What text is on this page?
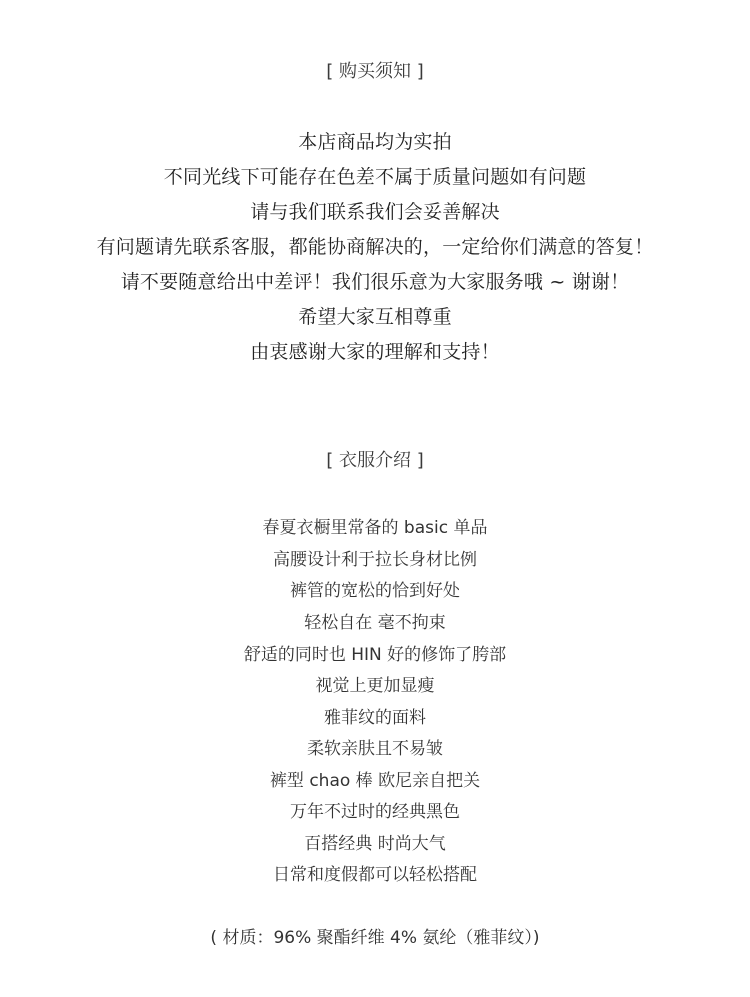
[ 购买须知 ]
本店商品均为实拍
不同光线下可能存在色差不属于质量问题如有问题
请与我们联系我们会妥善解决
有问题请先联系客服，都能协商解决的，一定给你们满意的答复！
请不要随意给出中差评！我们很乐意为大家服务哦 ~ 谢谢！
希望大家互相尊重
由衷感谢大家的理解和支持！
[ 衣服介绍 ]
春夏衣橱里常备的 basic 单品
高腰设计利于拉长身材比例
裤管的宽松的恰到好处
轻松自在 毫不拘束
舒适的同时也 HIN 好的修饰了胯部
视觉上更加显瘦
雅菲纹的面料
柔软亲肤且不易皱
裤型 chao 棒 欧尼亲自把关
万年不过时的经典黑色
百搭经典 时尚大气
日常和度假都可以轻松搭配
( 材质：96% 聚酯纤维 4% 氨纶（雅菲纹）)
